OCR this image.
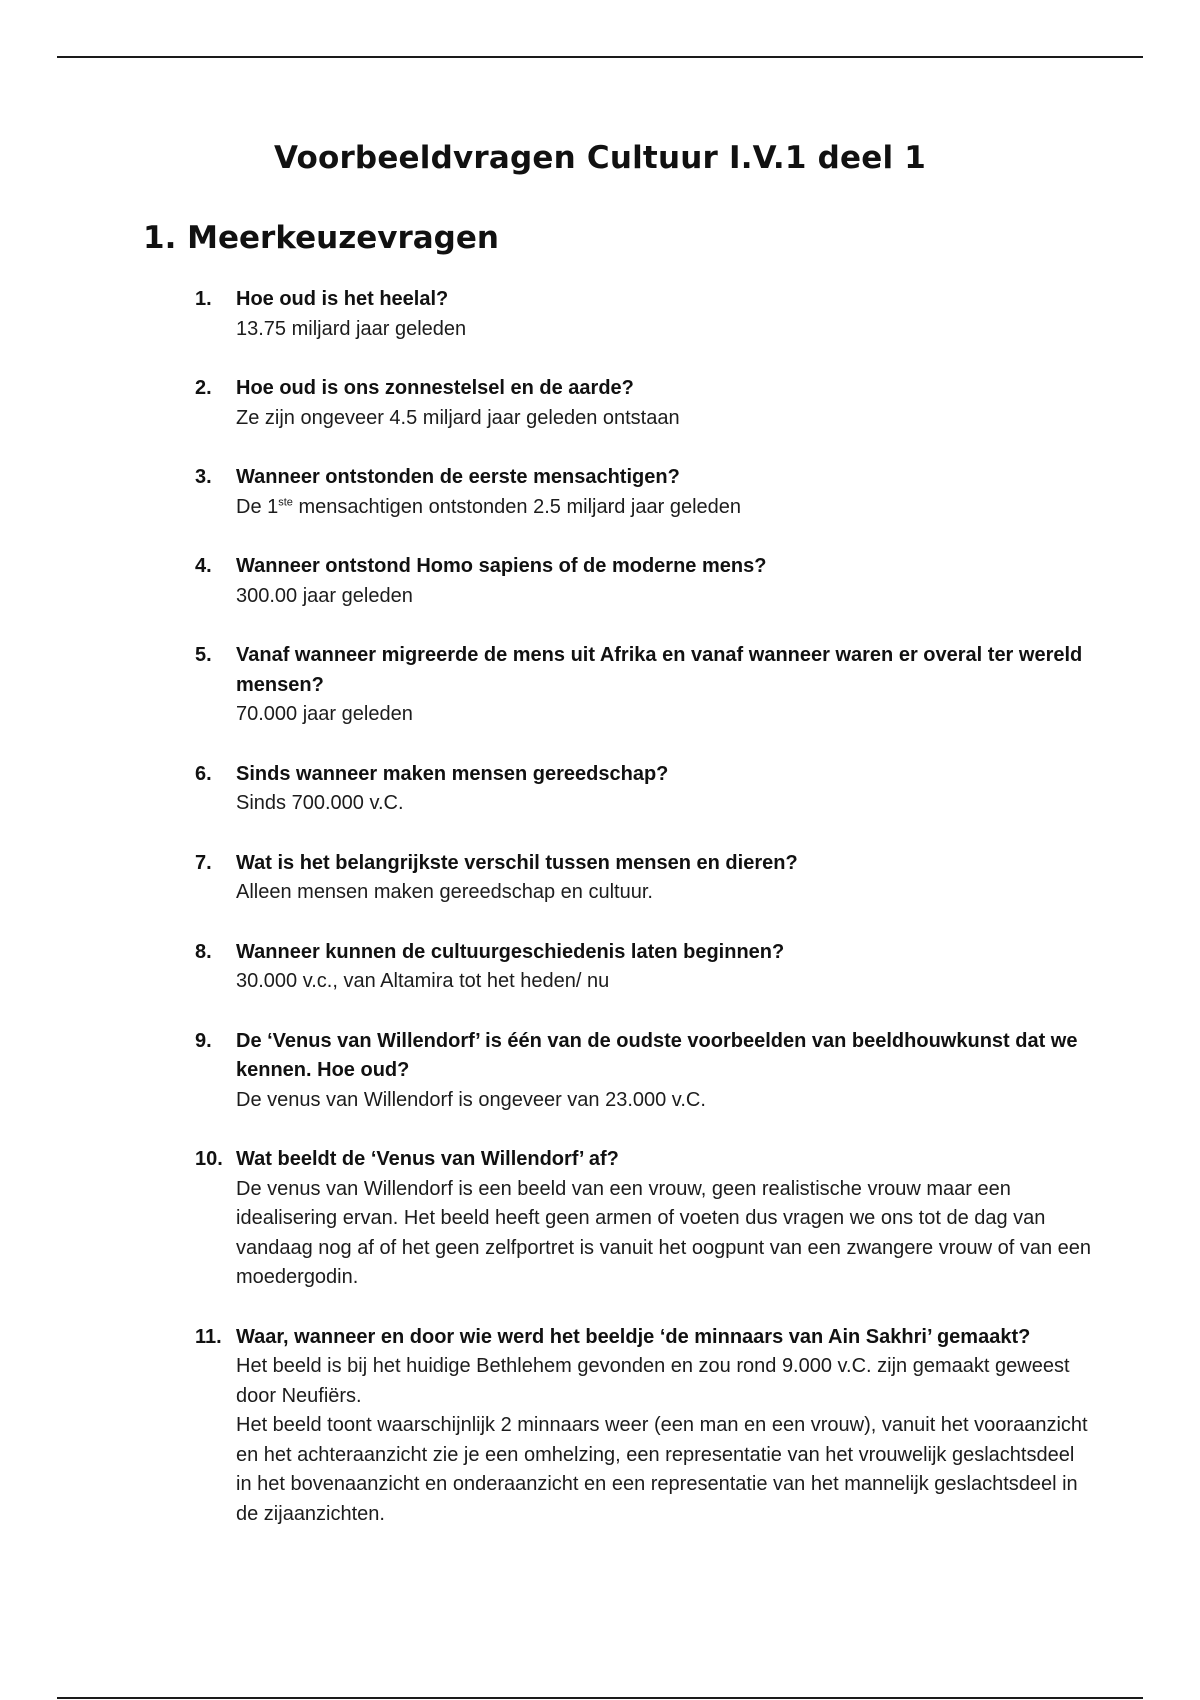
Voorbeeldvragen Cultuur I.V.1 deel 1
1. Meerkeuzevragen
1. Hoe oud is het heelal?
13.75 miljard jaar geleden
2. Hoe oud is ons zonnestelsel en de aarde?
Ze zijn ongeveer 4.5 miljard jaar geleden ontstaan
3. Wanneer ontstonden de eerste mensachtigen?
De 1ste mensachtigen ontstonden 2.5 miljard jaar geleden
4. Wanneer ontstond Homo sapiens of de moderne mens?
300.00 jaar geleden
5. Vanaf wanneer migreerde de mens uit Afrika en vanaf wanneer waren er overal ter wereld mensen?
70.000 jaar geleden
6. Sinds wanneer maken mensen gereedschap?
Sinds 700.000 v.C.
7. Wat is het belangrijkste verschil tussen mensen en dieren?
Alleen mensen maken gereedschap en cultuur.
8. Wanneer kunnen de cultuurgeschiedenis laten beginnen?
30.000 v.c., van Altamira tot het heden/ nu
9. De ‘Venus van Willendorf’ is één van de oudste voorbeelden van beeldhouwkunst dat we kennen. Hoe oud?
De venus van Willendorf is ongeveer van 23.000 v.C.
10. Wat beeldt de ‘Venus van Willendorf’ af?
De venus van Willendorf is een beeld van een vrouw, geen realistische vrouw maar een idealisering ervan. Het beeld heeft geen armen of voeten dus vragen we ons tot de dag van vandaag nog af of het geen zelfportret is vanuit het oogpunt van een zwangere vrouw of van een moedergodin.
11. Waar, wanneer en door wie werd het beeldje ‘de minnaars van Ain Sakhri’ gemaakt?
Het beeld is bij het huidige Bethlehem gevonden en zou rond 9.000 v.C. zijn gemaakt geweest door Neufiërs.
Het beeld toont waarschijnlijk 2 minnaars weer (een man en een vrouw), vanuit het vooraanzicht en het achteraanzicht zie je een omhelzing, een representatie van het vrouwelijk geslachtsdeel in het bovenaanzicht en onderaanzicht en een representatie van het mannelijk geslachtsdeel in de zijaanzichten.
